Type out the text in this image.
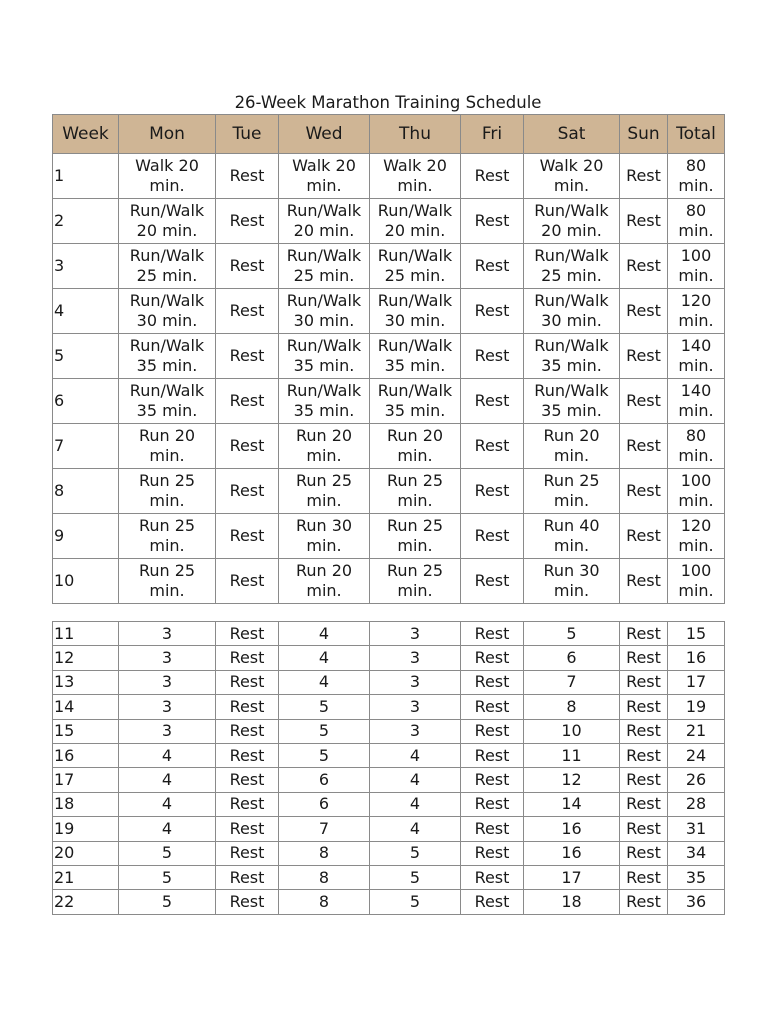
26-Week Marathon Training Schedule
Week	Mon	Tue	Wed	Thu	Fri	Sat	Sun	Total
1	Walk 20 min.	Rest	Walk 20 min.	Walk 20 min.	Rest	Walk 20 min.	Rest	80 min.
2	Run/Walk 20 min.	Rest	Run/Walk 20 min.	Run/Walk 20 min.	Rest	Run/Walk 20 min.	Rest	80 min.
3	Run/Walk 25 min.	Rest	Run/Walk 25 min.	Run/Walk 25 min.	Rest	Run/Walk 25 min.	Rest	100 min.
4	Run/Walk 30 min.	Rest	Run/Walk 30 min.	Run/Walk 30 min.	Rest	Run/Walk 30 min.	Rest	120 min.
5	Run/Walk 35 min.	Rest	Run/Walk 35 min.	Run/Walk 35 min.	Rest	Run/Walk 35 min.	Rest	140 min.
6	Run/Walk 35 min.	Rest	Run/Walk 35 min.	Run/Walk 35 min.	Rest	Run/Walk 35 min.	Rest	140 min.
7	Run 20 min.	Rest	Run 20 min.	Run 20 min.	Rest	Run 20 min.	Rest	80 min.
8	Run 25 min.	Rest	Run 25 min.	Run 25 min.	Rest	Run 25 min.	Rest	100 min.
9	Run 25 min.	Rest	Run 30 min.	Run 25 min.	Rest	Run 40 min.	Rest	120 min.
10	Run 25 min.	Rest	Run 20 min.	Run 25 min.	Rest	Run 30 min.	Rest	100 min.
11	3	Rest	4	3	Rest	5	Rest	15
12	3	Rest	4	3	Rest	6	Rest	16
13	3	Rest	4	3	Rest	7	Rest	17
14	3	Rest	5	3	Rest	8	Rest	19
15	3	Rest	5	3	Rest	10	Rest	21
16	4	Rest	5	4	Rest	11	Rest	24
17	4	Rest	6	4	Rest	12	Rest	26
18	4	Rest	6	4	Rest	14	Rest	28
19	4	Rest	7	4	Rest	16	Rest	31
20	5	Rest	8	5	Rest	16	Rest	34
21	5	Rest	8	5	Rest	17	Rest	35
22	5	Rest	8	5	Rest	18	Rest	36
